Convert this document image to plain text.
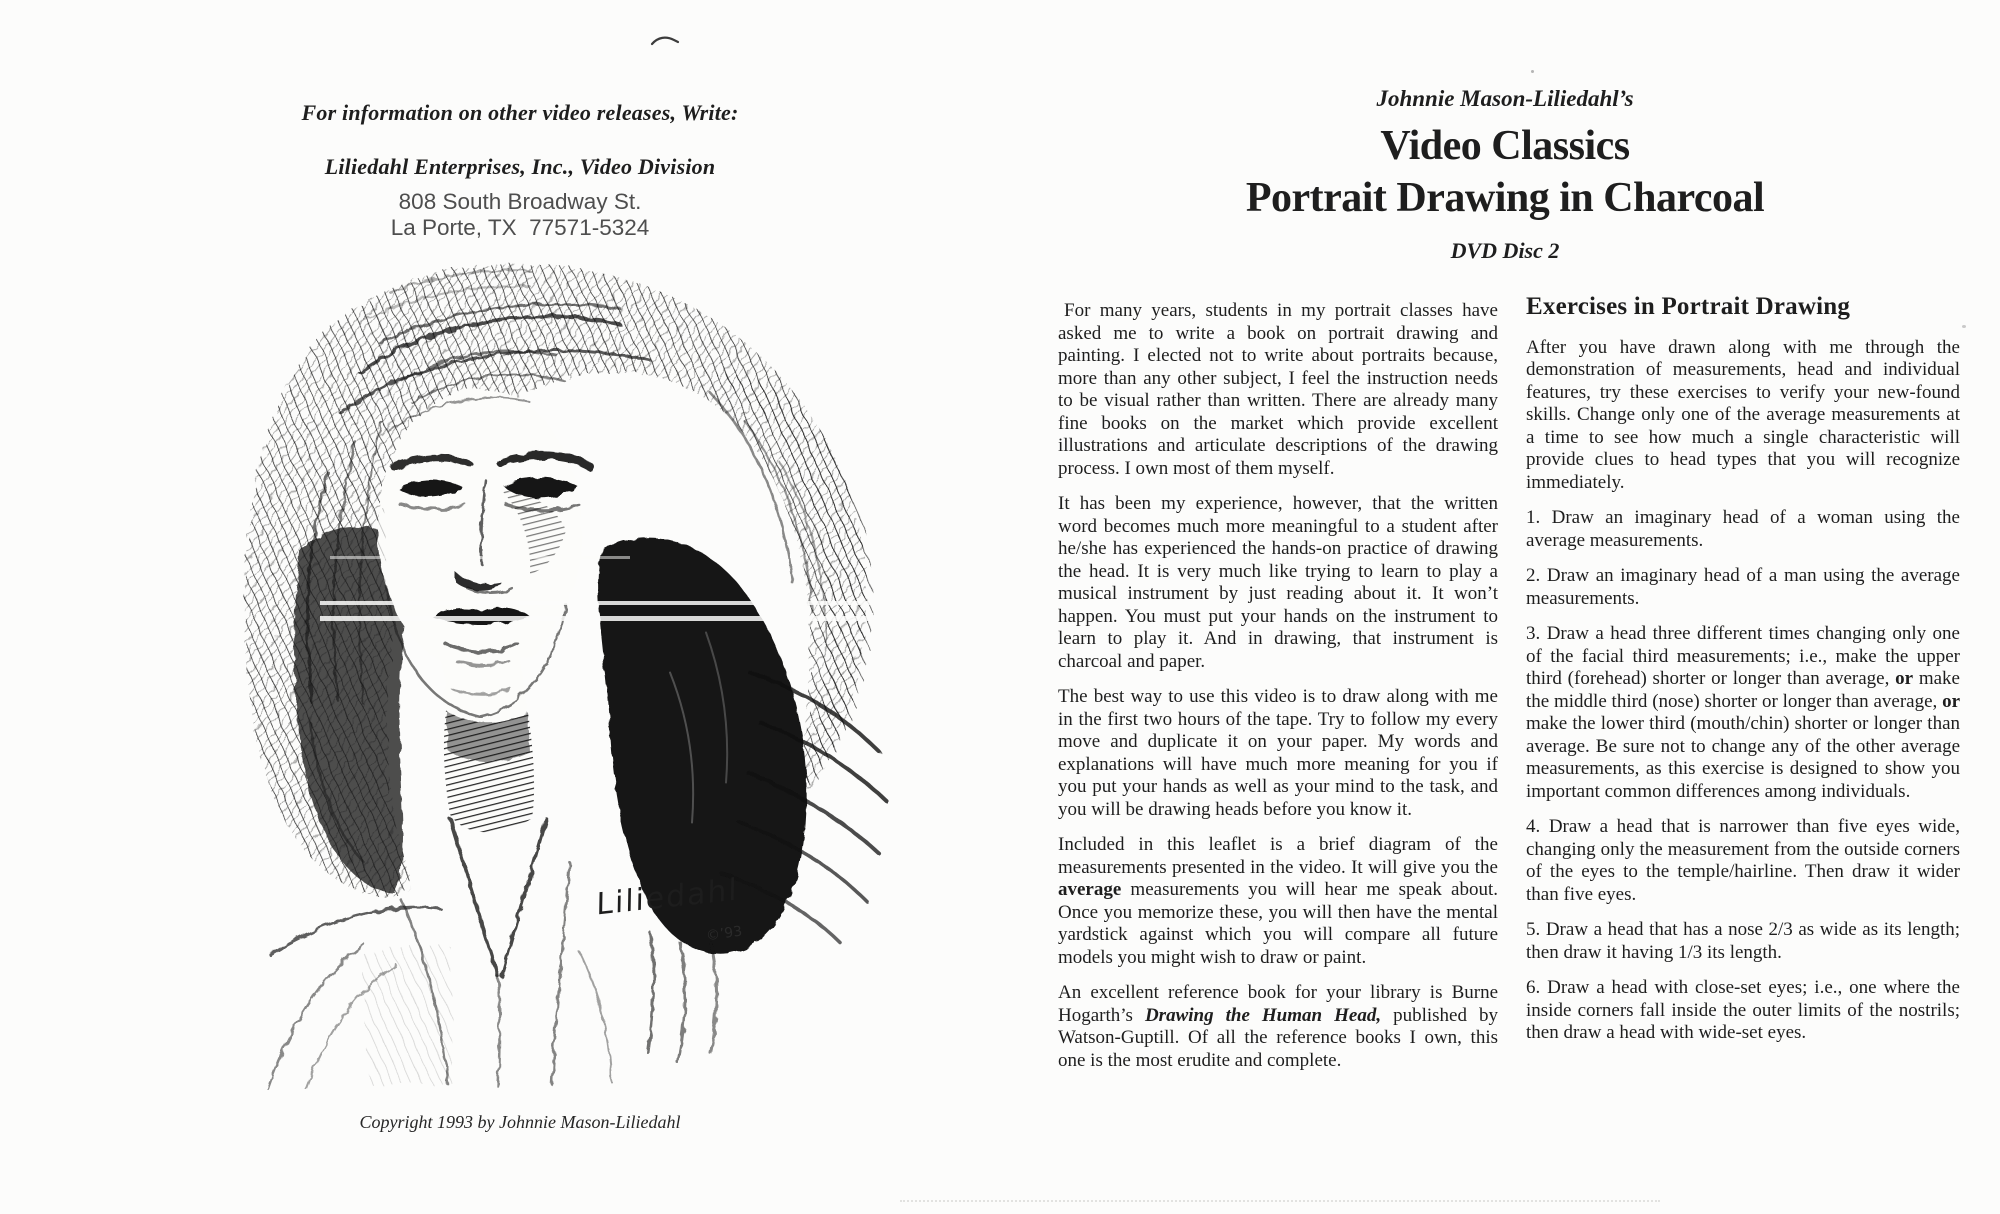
For information on other video releases, Write:
Liliedahl Enterprises, Inc., Video Division
808 South Broadway St.
La Porte, TX  77571-5324
Liliedahl
©’93
Copyright 1993 by Johnnie Mason-Liliedahl
Johnnie Mason-Liliedahl’s
Video Classics
Portrait Drawing in Charcoal
DVD Disc 2

For many years, students in my portrait classes have asked me to write a book on portrait drawing and painting. I elected not to write about portraits because, more than any other subject, I feel the instruction needs to be visual rather than written. There are already many fine books on the market which provide excellent illustrations and articulate descriptions of the drawing process. I own most of them myself.

It has been my experience, however, that the written word becomes much more meaningful to a student after he/she has experienced the hands-on practice of drawing the head. It is very much like trying to learn to play a musical instrument by just reading about it. It won’t happen. You must put your hands on the instrument to learn to play it. And in drawing, that instrument is charcoal and paper.

The best way to use this video is to draw along with me in the first two hours of the tape. Try to follow my every move and duplicate it on your paper. My words and explanations will have much more meaning for you if you put your hands as well as your mind to the task, and you will be drawing heads before you know it.

Included in this leaflet is a brief diagram of the measurements presented in the video. It will give you the average measurements you will hear me speak about. Once you memorize these, you will then have the mental yardstick against which you will compare all future models you might wish to draw or paint.

An excellent reference book for your library is Burne Hogarth’s Drawing the Human Head, published by Watson-Guptill. Of all the reference books I own, this one is the most erudite and complete.

Exercises in Portrait Drawing

After you have drawn along with me through the demonstration of measurements, head and individual features, try these exercises to verify your new-found skills. Change only one of the average measurements at a time to see how much a single characteristic will provide clues to head types that you will recognize immediately.

1. Draw an imaginary head of a woman using the average measurements.

2. Draw an imaginary head of a man using the average measurements.

3. Draw a head three different times changing only one of the facial third measurements; i.e., make the upper third (forehead) shorter or longer than average, or make the middle third (nose) shorter or longer than average, or make the lower third (mouth/chin) shorter or longer than average. Be sure not to change any of the other average measurements, as this exercise is designed to show you important common differences among individuals.

4. Draw a head that is narrower than five eyes wide, changing only the measurement from the outside corners of the eyes to the temple/hairline. Then draw it wider than five eyes.

5. Draw a head that has a nose 2/3 as wide as its length; then draw it having 1/3 its length.

6. Draw a head with close-set eyes; i.e., one where the inside corners fall inside the outer limits of the nostrils; then draw a head with wide-set eyes.
